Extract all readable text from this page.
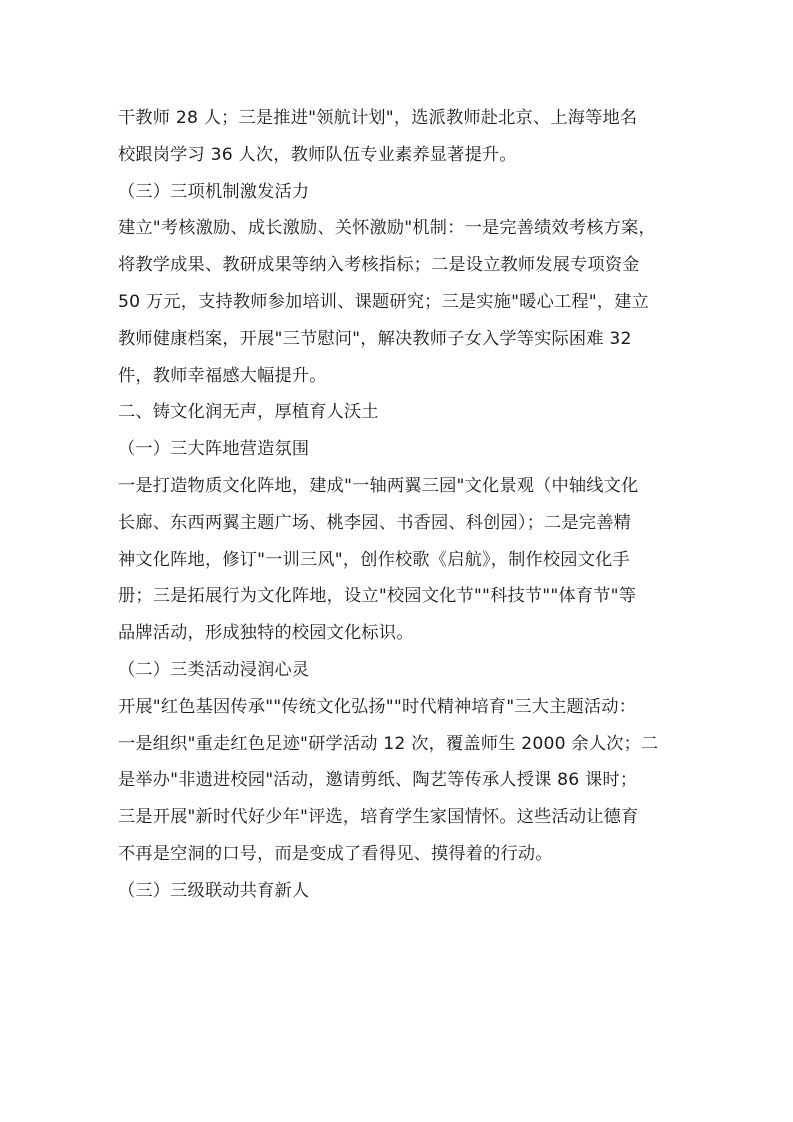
干教师 28 人；三是推进"领航计划"，选派教师赴北京、上海等地名
校跟岗学习 36 人次，教师队伍专业素养显著提升。
（三）三项机制激发活力
建立"考核激励、成长激励、关怀激励"机制：一是完善绩效考核方案，
将教学成果、教研成果等纳入考核指标；二是设立教师发展专项资金
50 万元，支持教师参加培训、课题研究；三是实施"暖心工程"，建立
教师健康档案，开展"三节慰问"，解决教师子女入学等实际困难 32
件，教师幸福感大幅提升。
二、铸文化润无声，厚植育人沃土
（一）三大阵地营造氛围
一是打造物质文化阵地，建成"一轴两翼三园"文化景观（中轴线文化
长廊、东西两翼主题广场、桃李园、书香园、科创园）；二是完善精
神文化阵地，修订"一训三风"，创作校歌《启航》，制作校园文化手
册；三是拓展行为文化阵地，设立"校园文化节""科技节""体育节"等
品牌活动，形成独特的校园文化标识。
（二）三类活动浸润心灵
开展"红色基因传承""传统文化弘扬""时代精神培育"三大主题活动：
一是组织"重走红色足迹"研学活动 12 次，覆盖师生 2000 余人次；二
是举办"非遗进校园"活动，邀请剪纸、陶艺等传承人授课 86 课时；
三是开展"新时代好少年"评选，培育学生家国情怀。这些活动让德育
不再是空洞的口号，而是变成了看得见、摸得着的行动。
（三）三级联动共育新人
